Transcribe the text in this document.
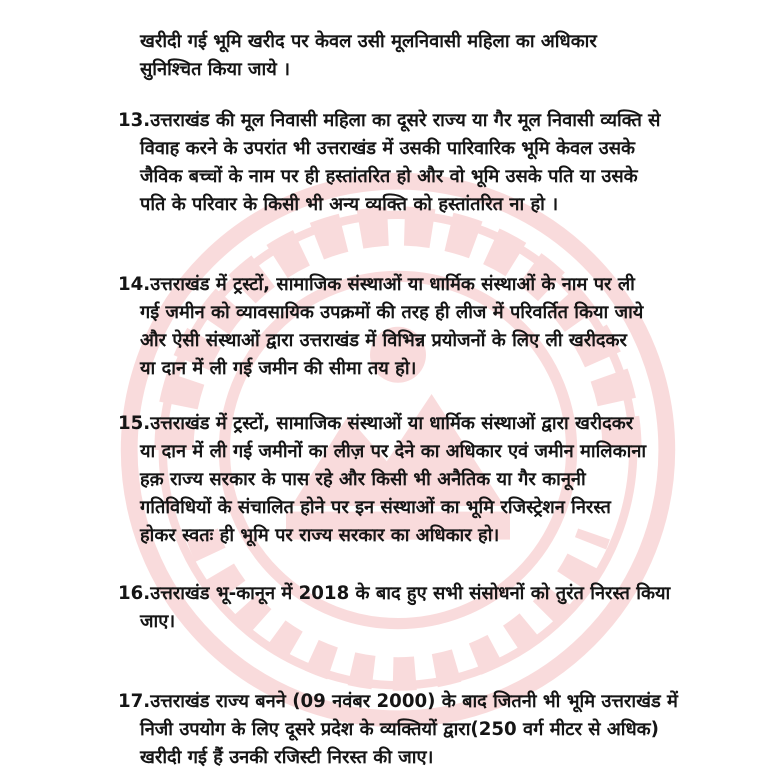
खरीदी गई भूमि खरीद पर केवल उसी मूलनिवासी महिला का अधिकार
सुनिश्चित किया जाये ।
13.उत्तराखंड की मूल निवासी महिला का दूसरे राज्य या गैर मूल निवासी व्यक्ति से
विवाह करने के उपरांत भी उत्तराखंड में उसकी पारिवारिक भूमि केवल उसके
जैविक बच्चों के नाम पर ही हस्तांतरित हो और वो भूमि उसके पति या उसके
पति के परिवार के किसी भी अन्य व्यक्ति को हस्तांतरित ना हो ।
14.उत्तराखंड में ट्रस्टों, सामाजिक संस्थाओं या धार्मिक संस्थाओं के नाम पर ली
गई जमीन को व्यावसायिक उपक्रमों की तरह ही लीज में परिवर्तित किया जाये
और ऐसी संस्थाओं द्वारा उत्तराखंड में विभिन्न प्रयोजनों के लिए ली खरीदकर
या दान में ली गई जमीन की सीमा तय हो।
15.उत्तराखंड में ट्रस्टों, सामाजिक संस्थाओं या धार्मिक संस्थाओं द्वारा खरीदकर
या दान में ली गई जमीनों का लीज़ पर देने का अधिकार एवं जमीन मालिकाना
हक़ राज्य सरकार के पास रहे और किसी भी अनैतिक या गैर कानूनी
गतिविधियों के संचालित होने पर इन संस्थाओं का भूमि रजिस्ट्रेशन निरस्त
होकर स्वतः ही भूमि पर राज्य सरकार का अधिकार हो।
16.उत्तराखंड भू-कानून में 2018 के बाद हुए सभी संसोधनों को तुरंत निरस्त किया
जाए।
17.उत्तराखंड राज्य बनने (09 नवंबर 2000) के बाद जितनी भी भूमि उत्तराखंड में
निजी उपयोग के लिए दूसरे प्रदेश के व्यक्तियों द्वारा(250 वर्ग मीटर से अधिक)
खरीदी गई हैं उनकी रजिस्टी निरस्त की जाए।
